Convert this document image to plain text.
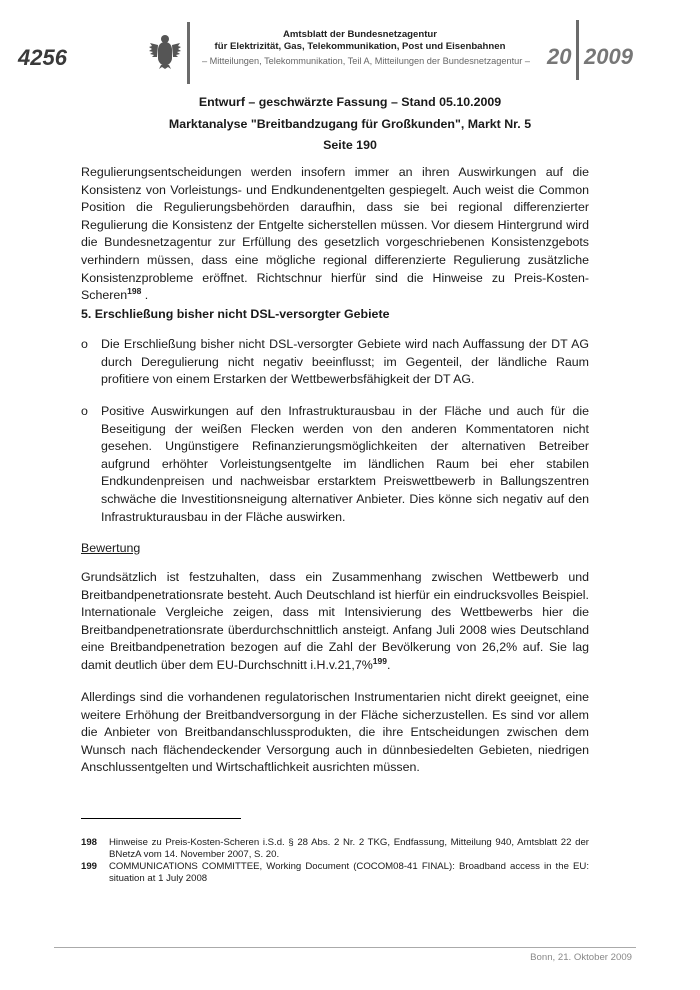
4256
Amtsblatt der Bundesnetzagentur
für Elektrizität, Gas, Telekommunikation, Post und Eisenbahnen
– Mitteilungen, Telekommunikation, Teil A, Mitteilungen der Bundesnetzagentur – 20 2009
Entwurf – geschwärzte Fassung – Stand 05.10.2009
Marktanalyse "Breitbandzugang für Großkunden", Markt Nr. 5
Seite 190
Regulierungsentscheidungen werden insofern immer an ihren Auswirkungen auf die Konsistenz von Vorleistungs- und Endkundenentgelten gespiegelt. Auch weist die Common Position die Regulierungsbehörden daraufhin, dass sie bei regional differenzierter Regulierung die Konsistenz der Entgelte sicherstellen müssen. Vor diesem Hintergrund wird die Bundesnetzagentur zur Erfüllung des gesetzlich vorgeschriebenen Konsistenzgebots verhindern müssen, dass eine mögliche regional differenzierte Regulierung zusätzliche Konsistenzprobleme eröffnet. Richtschnur hierfür sind die Hinweise zu Preis-Kosten-Scheren$^{198}$ .
5. Erschließung bisher nicht DSL-versorgter Gebiete
o Die Erschließung bisher nicht DSL-versorgter Gebiete wird nach Auffassung der DT AG durch Deregulierung nicht negativ beeinflusst; im Gegenteil, der ländliche Raum profitiere von einem Erstarken der Wettbewerbsfähigkeit der DT AG.
o Positive Auswirkungen auf den Infrastrukturausbau in der Fläche und auch für die Beseitigung der weißen Flecken werden von den anderen Kommentatoren nicht gesehen. Ungünstigere Refinanzierungsmöglichkeiten der alternativen Betreiber aufgrund erhöhter Vorleistungsentgelte im ländlichen Raum bei eher stabilen Endkundenpreisen und nachweisbar erstarktem Preiswettbewerb in Ballungszentren schwäche die Investitionsneigung alternativer Anbieter. Dies könne sich negativ auf den Infrastrukturausbau in der Fläche auswirken.
Bewertung
Grundsätzlich ist festzuhalten, dass ein Zusammenhang zwischen Wettbewerb und Breitbandpenetrationsrate besteht. Auch Deutschland ist hierfür ein eindrucksvolles Beispiel. Internationale Vergleiche zeigen, dass mit Intensivierung des Wettbewerbs hier die Breitbandpenetrationsrate überdurchschnittlich ansteigt. Anfang Juli 2008 wies Deutschland eine Breitbandpenetration bezogen auf die Zahl der Bevölkerung von 26,2% auf. Sie lag damit deutlich über dem EU-Durchschnitt i.H.v.21,7%$^{199}$.
Allerdings sind die vorhandenen regulatorischen Instrumentarien nicht direkt geeignet, eine weitere Erhöhung der Breitbandversorgung in der Fläche sicherzustellen. Es sind vor allem die Anbieter von Breitbandanschlussprodukten, die ihre Entscheidungen zwischen dem Wunsch nach flächendeckender Versorgung auch in dünnbesiedelten Gebieten, niedrigen Anschlussentgelten und Wirtschaftlichkeit ausrichten müssen.
198 Hinweise zu Preis-Kosten-Scheren i.S.d. § 28 Abs. 2 Nr. 2 TKG, Endfassung, Mitteilung 940, Amtsblatt 22 der BNetzA vom 14. November 2007, S. 20.
199 COMMUNICATIONS COMMITTEE, Working Document (COCOM08-41 FINAL): Broadband access in the EU: situation at 1 July 2008
Bonn, 21. Oktober 2009
